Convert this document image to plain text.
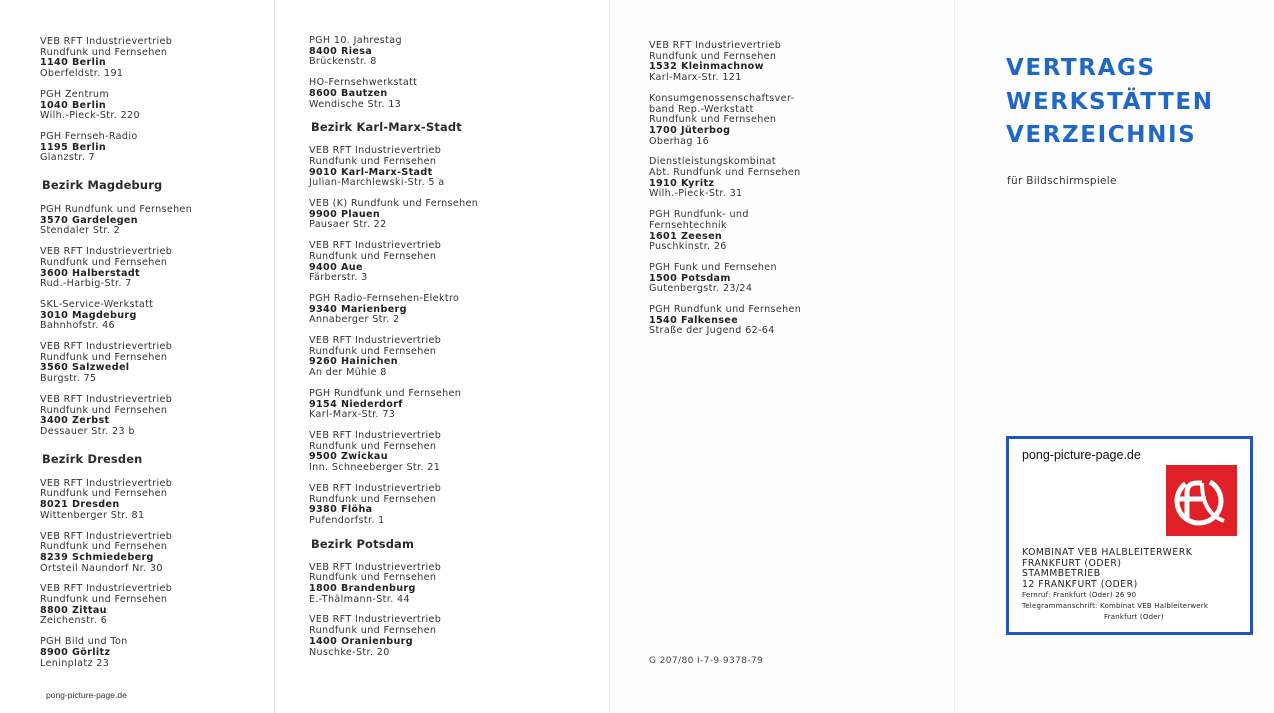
VEB RFT Industrievertrieb
Rundfunk und Fernsehen
1140 Berlin
Oberfeldstr. 191
PGH Zentrum
1040 Berlin
Wilh.-Pieck-Str. 220
PGH Fernseh-Radio
1195 Berlin
Glanzstr. 7
Bezirk Magdeburg
PGH Rundfunk und Fernsehen
3570 Gardelegen
Stendaler Str. 2
VEB RFT Industrievertrieb
Rundfunk und Fernsehen
3600 Halberstadt
Rud.-Harbig-Str. 7
SKL-Service-Werkstatt
3010 Magdeburg
Bahnhofstr. 46
VEB RFT Industrievertrieb
Rundfunk und Fernsehen
3560 Salzwedel
Burgstr. 75
VEB RFT Industrievertrieb
Rundfunk und Fernsehen
3400 Zerbst
Dessauer Str. 23 b
Bezirk Dresden
VEB RFT Industrievertrieb
Rundfunk und Fernsehen
8021 Dresden
Wittenberger Str. 81
VEB RFT Industrievertrieb
Rundfunk und Fernsehen
8239 Schmiedeberg
Ortsteil Naundorf Nr. 30
VEB RFT Industrievertrieb
Rundfunk und Fernsehen
8800 Zittau
Zeichenstr. 6
PGH Bild und Ton
8900 Görlitz
Leninplatz 23
pong-picture-page.de
PGH 10. Jahrestag
8400 Riesa
Brückenstr. 8
HO-Fernsehwerkstatt
8600 Bautzen
Wendische Str. 13
Bezirk Karl-Marx-Stadt
VEB RFT Industrievertrieb
Rundfunk und Fernsehen
9010 Karl-Marx-Stadt
Julian-Marchlewski-Str. 5 a
VEB (K) Rundfunk und Fernsehen
9900 Plauen
Pausaer Str. 22
VEB RFT Industrievertrieb
Rundfunk und Fernsehen
9400 Aue
Färberstr. 3
PGH Radio-Fernsehen-Elektro
9340 Marienberg
Annaberger Str. 2
VEB RFT Industrievertrieb
Rundfunk und Fernsehen
9260 Hainichen
An der Mühle 8
PGH Rundfunk und Fernsehen
9154 Niederdorf
Karl-Marx-Str. 73
VEB RFT Industrievertrieb
Rundfunk und Fernsehen
9500 Zwickau
Inn. Schneeberger Str. 21
VEB RFT Industrievertrieb
Rundfunk und Fernsehen
9380 Flöha
Pufendorfstr. 1
Bezirk Potsdam
VEB RFT Industrievertrieb
Rundfunk und Fernsehen
1800 Brandenburg
E.-Thälmann-Str. 44
VEB RFT Industrievertrieb
Rundfunk und Fernsehen
1400 Oranienburg
Nuschke-Str. 20
VEB RFT Industrievertrieb
Rundfunk und Fernsehen
1532 Kleinmachnow
Karl-Marx-Str. 121
Konsumgenossenschaftsver-
band Rep.-Werkstatt
Rundfunk und Fernsehen
1700 Jüterbog
Oberhag 16
Dienstleistungskombinat
Abt. Rundfunk und Fernsehen
1910 Kyritz
Wilh.-Pieck-Str. 31
PGH Rundfunk- und
Fernsehtechnik
1601 Zeesen
Puschkinstr. 26
PGH Funk und Fernsehen
1500 Potsdam
Gutenbergstr. 23/24
PGH Rundfunk und Fernsehen
1540 Falkensee
Straße der Jugend 62-64
G 207/80 I-7-9 9378-79
VERTRAGS
WERKSTÄTTEN
VERZEICHNIS
für Bildschirmspiele
pong-picture-page.de
KOMBINAT VEB HALBLEITERWERK
FRANKFURT (ODER)
STAMMBETRIEB
12 FRANKFURT (ODER)
Fernruf: Frankfurt (Oder) 26 90
Telegrammanschrift: Kombinat VEB Halbleiterwerk
Frankfurt (Oder)
